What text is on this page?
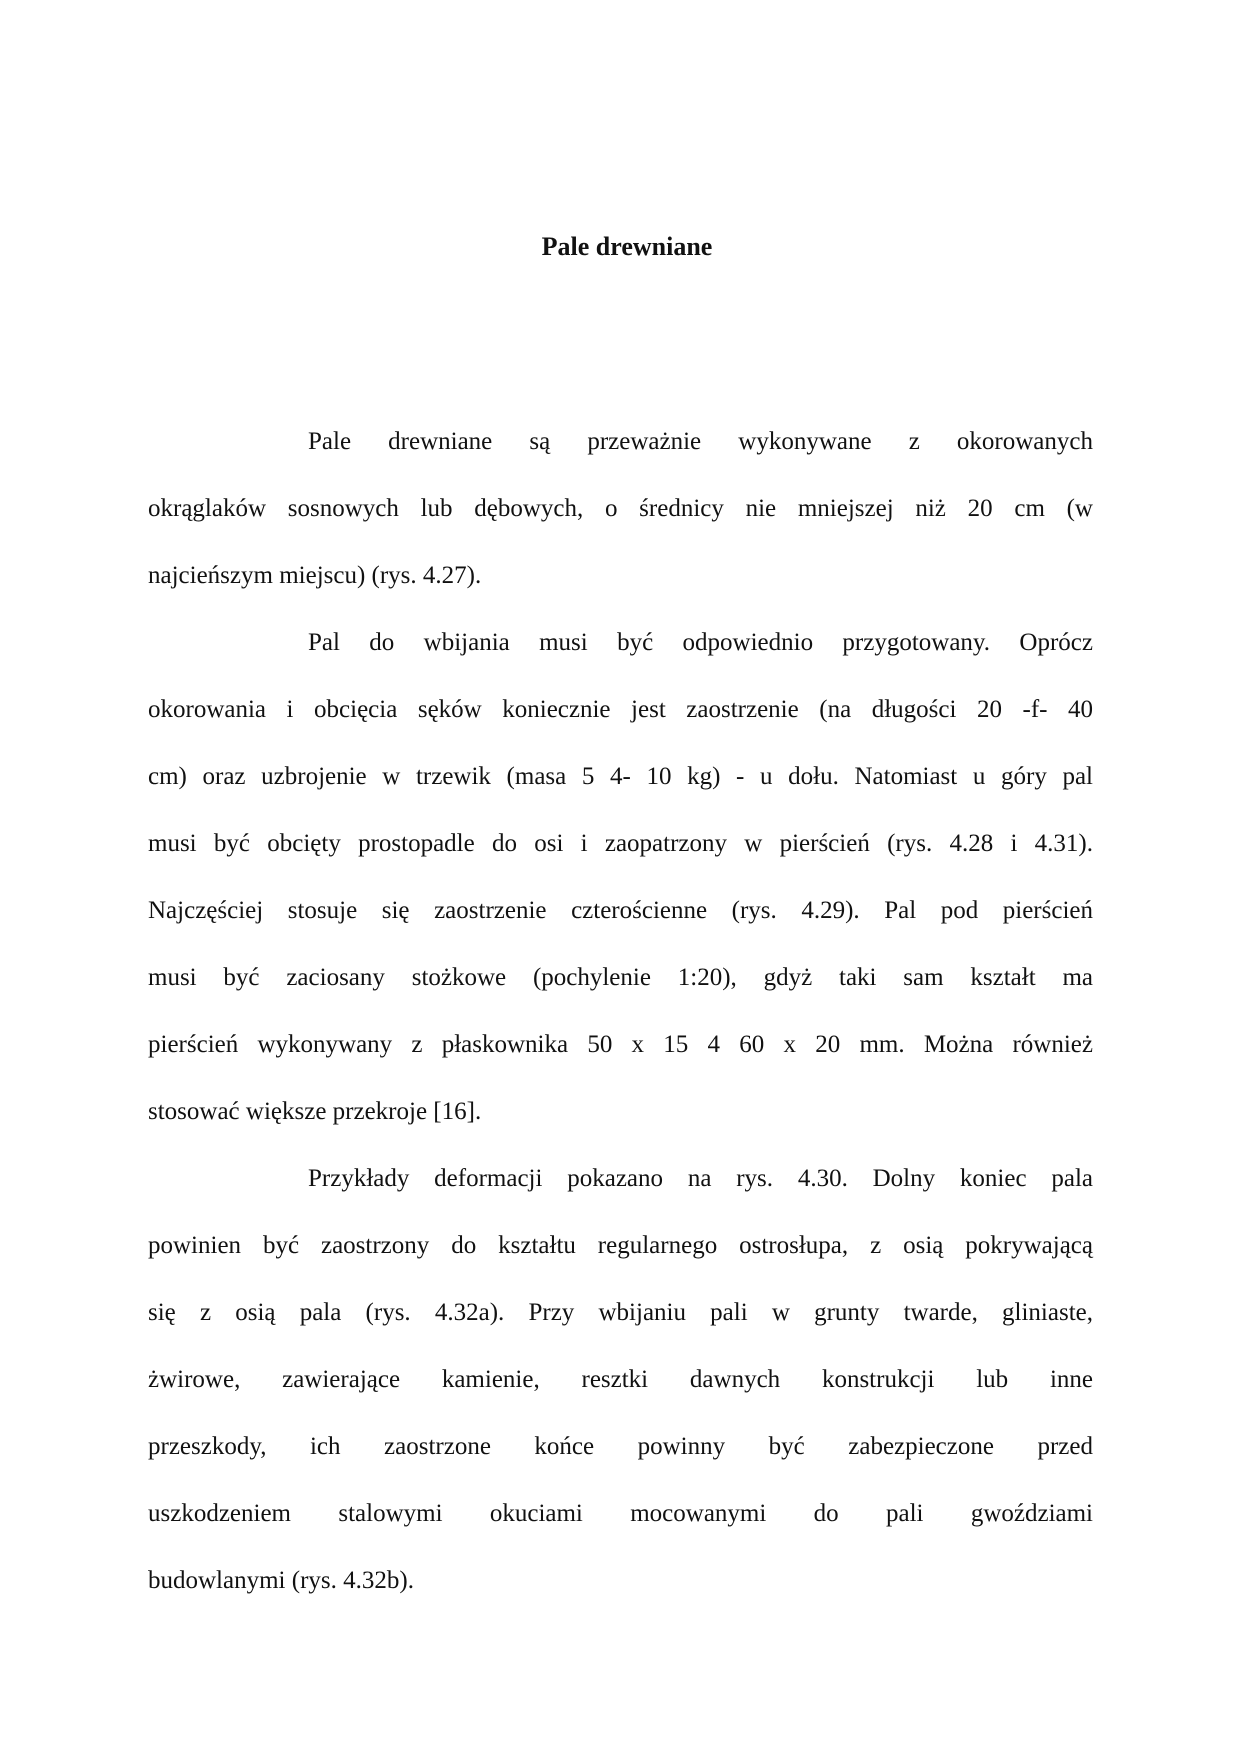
Pale drewniane
Pale drewniane są przeważnie wykonywane z okorowanych
okrąglaków sosnowych lub dębowych, o średnicy nie mniejszej niż 20 cm (w
najcieńszym miejscu) (rys. 4.27).
Pal do wbijania musi być odpowiednio przygotowany. Oprócz
okorowania i obcięcia sęków koniecznie jest zaostrzenie (na długości 20 -f- 40
cm) oraz uzbrojenie w trzewik (masa 5 4- 10 kg) - u dołu. Natomiast u góry pal
musi być obcięty prostopadle do osi i zaopatrzony w pierścień (rys. 4.28 i 4.31).
Najczęściej stosuje się zaostrzenie czterościenne (rys. 4.29). Pal pod pierścień
musi być zaciosany stożkowe (pochylenie 1:20), gdyż taki sam kształt ma
pierścień wykonywany z płaskownika 50 x 15 4 60 x 20 mm. Można również
stosować większe przekroje [16].
Przykłady deformacji pokazano na rys. 4.30. Dolny koniec pala
powinien być zaostrzony do kształtu regularnego ostrosłupa, z osią pokrywającą
się z osią pala (rys. 4.32a). Przy wbijaniu pali w grunty twarde, gliniaste,
żwirowe, zawierające kamienie, resztki dawnych konstrukcji lub inne
przeszkody, ich zaostrzone końce powinny być zabezpieczone przed
uszkodzeniem stalowymi okuciami mocowanymi do pali gwoździami
budowlanymi (rys. 4.32b).
